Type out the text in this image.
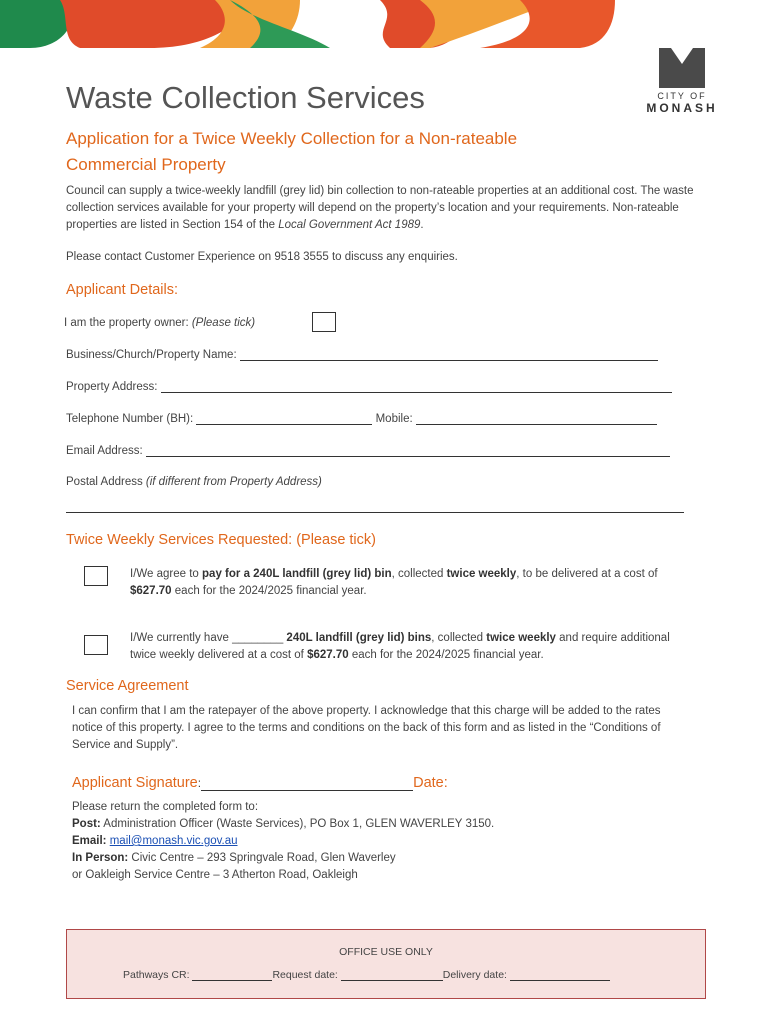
CITY OF
MONASH
Waste Collection Services
Application for a Twice Weekly Collection for a Non-rateable Commercial Property
Council can supply a twice-weekly landfill (grey lid) bin collection to non-rateable properties at an additional cost. The waste collection services available for your property will depend on the property’s location and your requirements. Non-rateable properties are listed in Section 154 of the Local Government Act 1989.
Please contact Customer Experience on 9518 3555 to discuss any enquiries.
Applicant Details:
I am the property owner: (Please tick)
Business/Church/Property Name:
Property Address:
Telephone Number (BH):	Mobile:
Email Address:
Postal Address (if different from Property Address)
Twice Weekly Services Requested: (Please tick)
I/We agree to pay for a 240L landfill (grey lid) bin, collected twice weekly, to be delivered at a cost of $627.70 each for the 2024/2025 financial year.
I/We currently have ________ 240L landfill (grey lid) bins, collected twice weekly and require additional twice weekly delivered at a cost of $627.70 each for the 2024/2025 financial year.
Service Agreement
I can confirm that I am the ratepayer of the above property. I acknowledge that this charge will be added to the rates notice of this property. I agree to the terms and conditions on the back of this form and as listed in the “Conditions of Service and Supply”.
Applicant Signature:	Date:
Please return the completed form to:
Post: Administration Officer (Waste Services), PO Box 1, GLEN WAVERLEY 3150.
Email: mail@monash.vic.gov.au
In Person: Civic Centre – 293 Springvale Road, Glen Waverley
or Oakleigh Service Centre – 3 Atherton Road, Oakleigh
OFFICE USE ONLY
Pathways CR:	Request date:	Delivery date:
